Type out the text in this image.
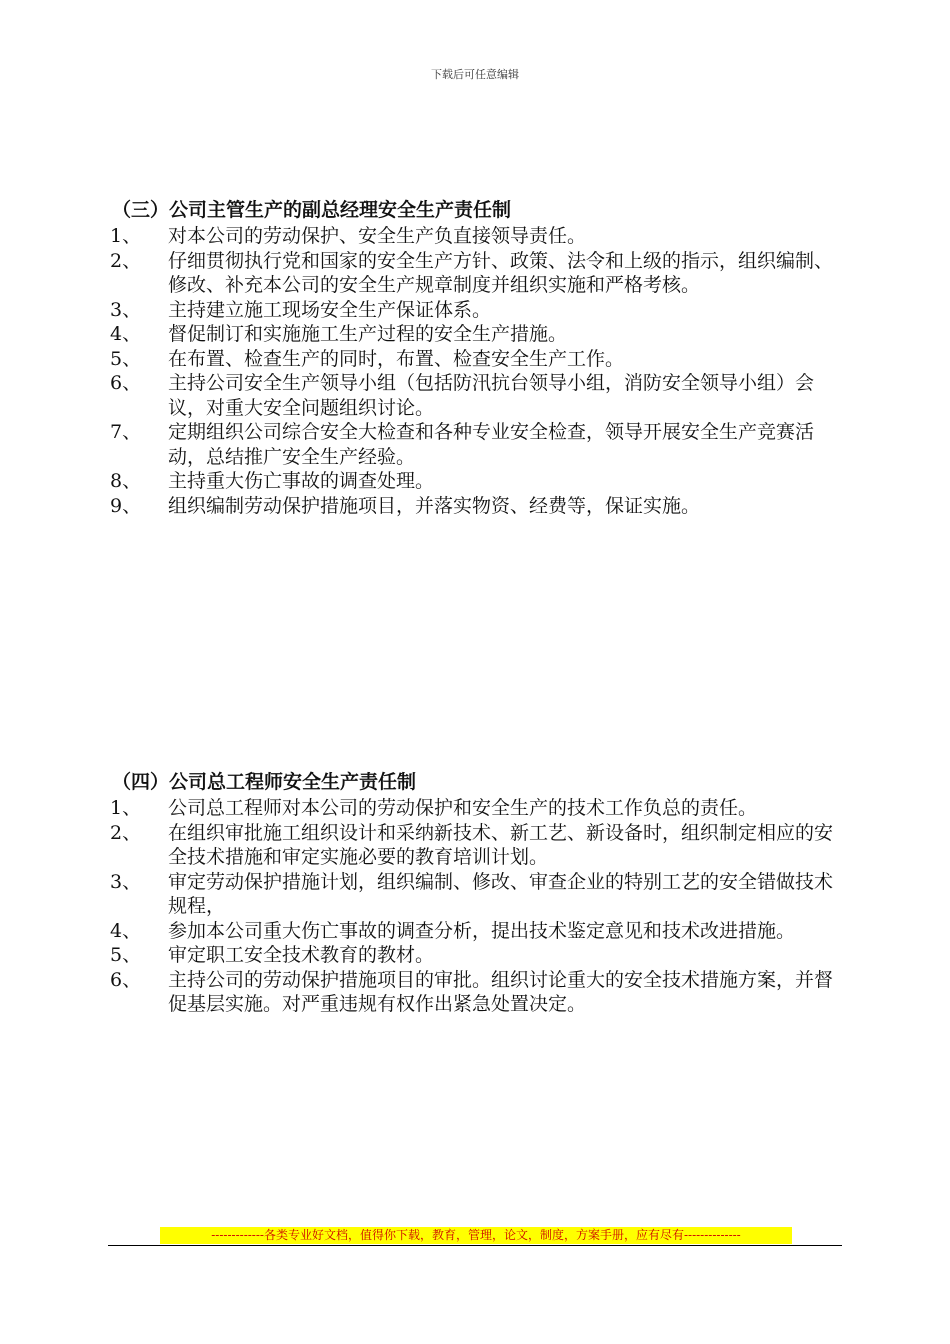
下载后可任意编辑
（三）公司主管生产的副总经理安全生产责任制
1、	对本公司的劳动保护、安全生产负直接领导责任。
2、	仔细贯彻执行党和国家的安全生产方针、政策、法令和上级的指示，组织编制、修改、补充本公司的安全生产规章制度并组织实施和严格考核。
3、	主持建立施工现场安全生产保证体系。
4、	督促制订和实施施工生产过程的安全生产措施。
5、	在布置、检查生产的同时，布置、检查安全生产工作。
6、	主持公司安全生产领导小组（包括防汛抗台领导小组，消防安全领导小组）会议，对重大安全问题组织讨论。
7、	定期组织公司综合安全大检查和各种专业安全检查，领导开展安全生产竞赛活动，总结推广安全生产经验。
8、	主持重大伤亡事故的调查处理。
9、	组织编制劳动保护措施项目，并落实物资、经费等，保证实施。
（四）公司总工程师安全生产责任制
1、	公司总工程师对本公司的劳动保护和安全生产的技术工作负总的责任。
2、	在组织审批施工组织设计和采纳新技术、新工艺、新设备时，组织制定相应的安全技术措施和审定实施必要的教育培训计划。
3、	审定劳动保护措施计划，组织编制、修改、审查企业的特别工艺的安全错做技术规程，
4、	参加本公司重大伤亡事故的调查分析，提出技术鉴定意见和技术改进措施。
5、	审定职工安全技术教育的教材。
6、	主持公司的劳动保护措施项目的审批。组织讨论重大的安全技术措施方案，并督促基层实施。对严重违规有权作出紧急处置决定。
-------------各类专业好文档，值得你下载，教育，管理，论文，制度，方案手册，应有尽有--------------
